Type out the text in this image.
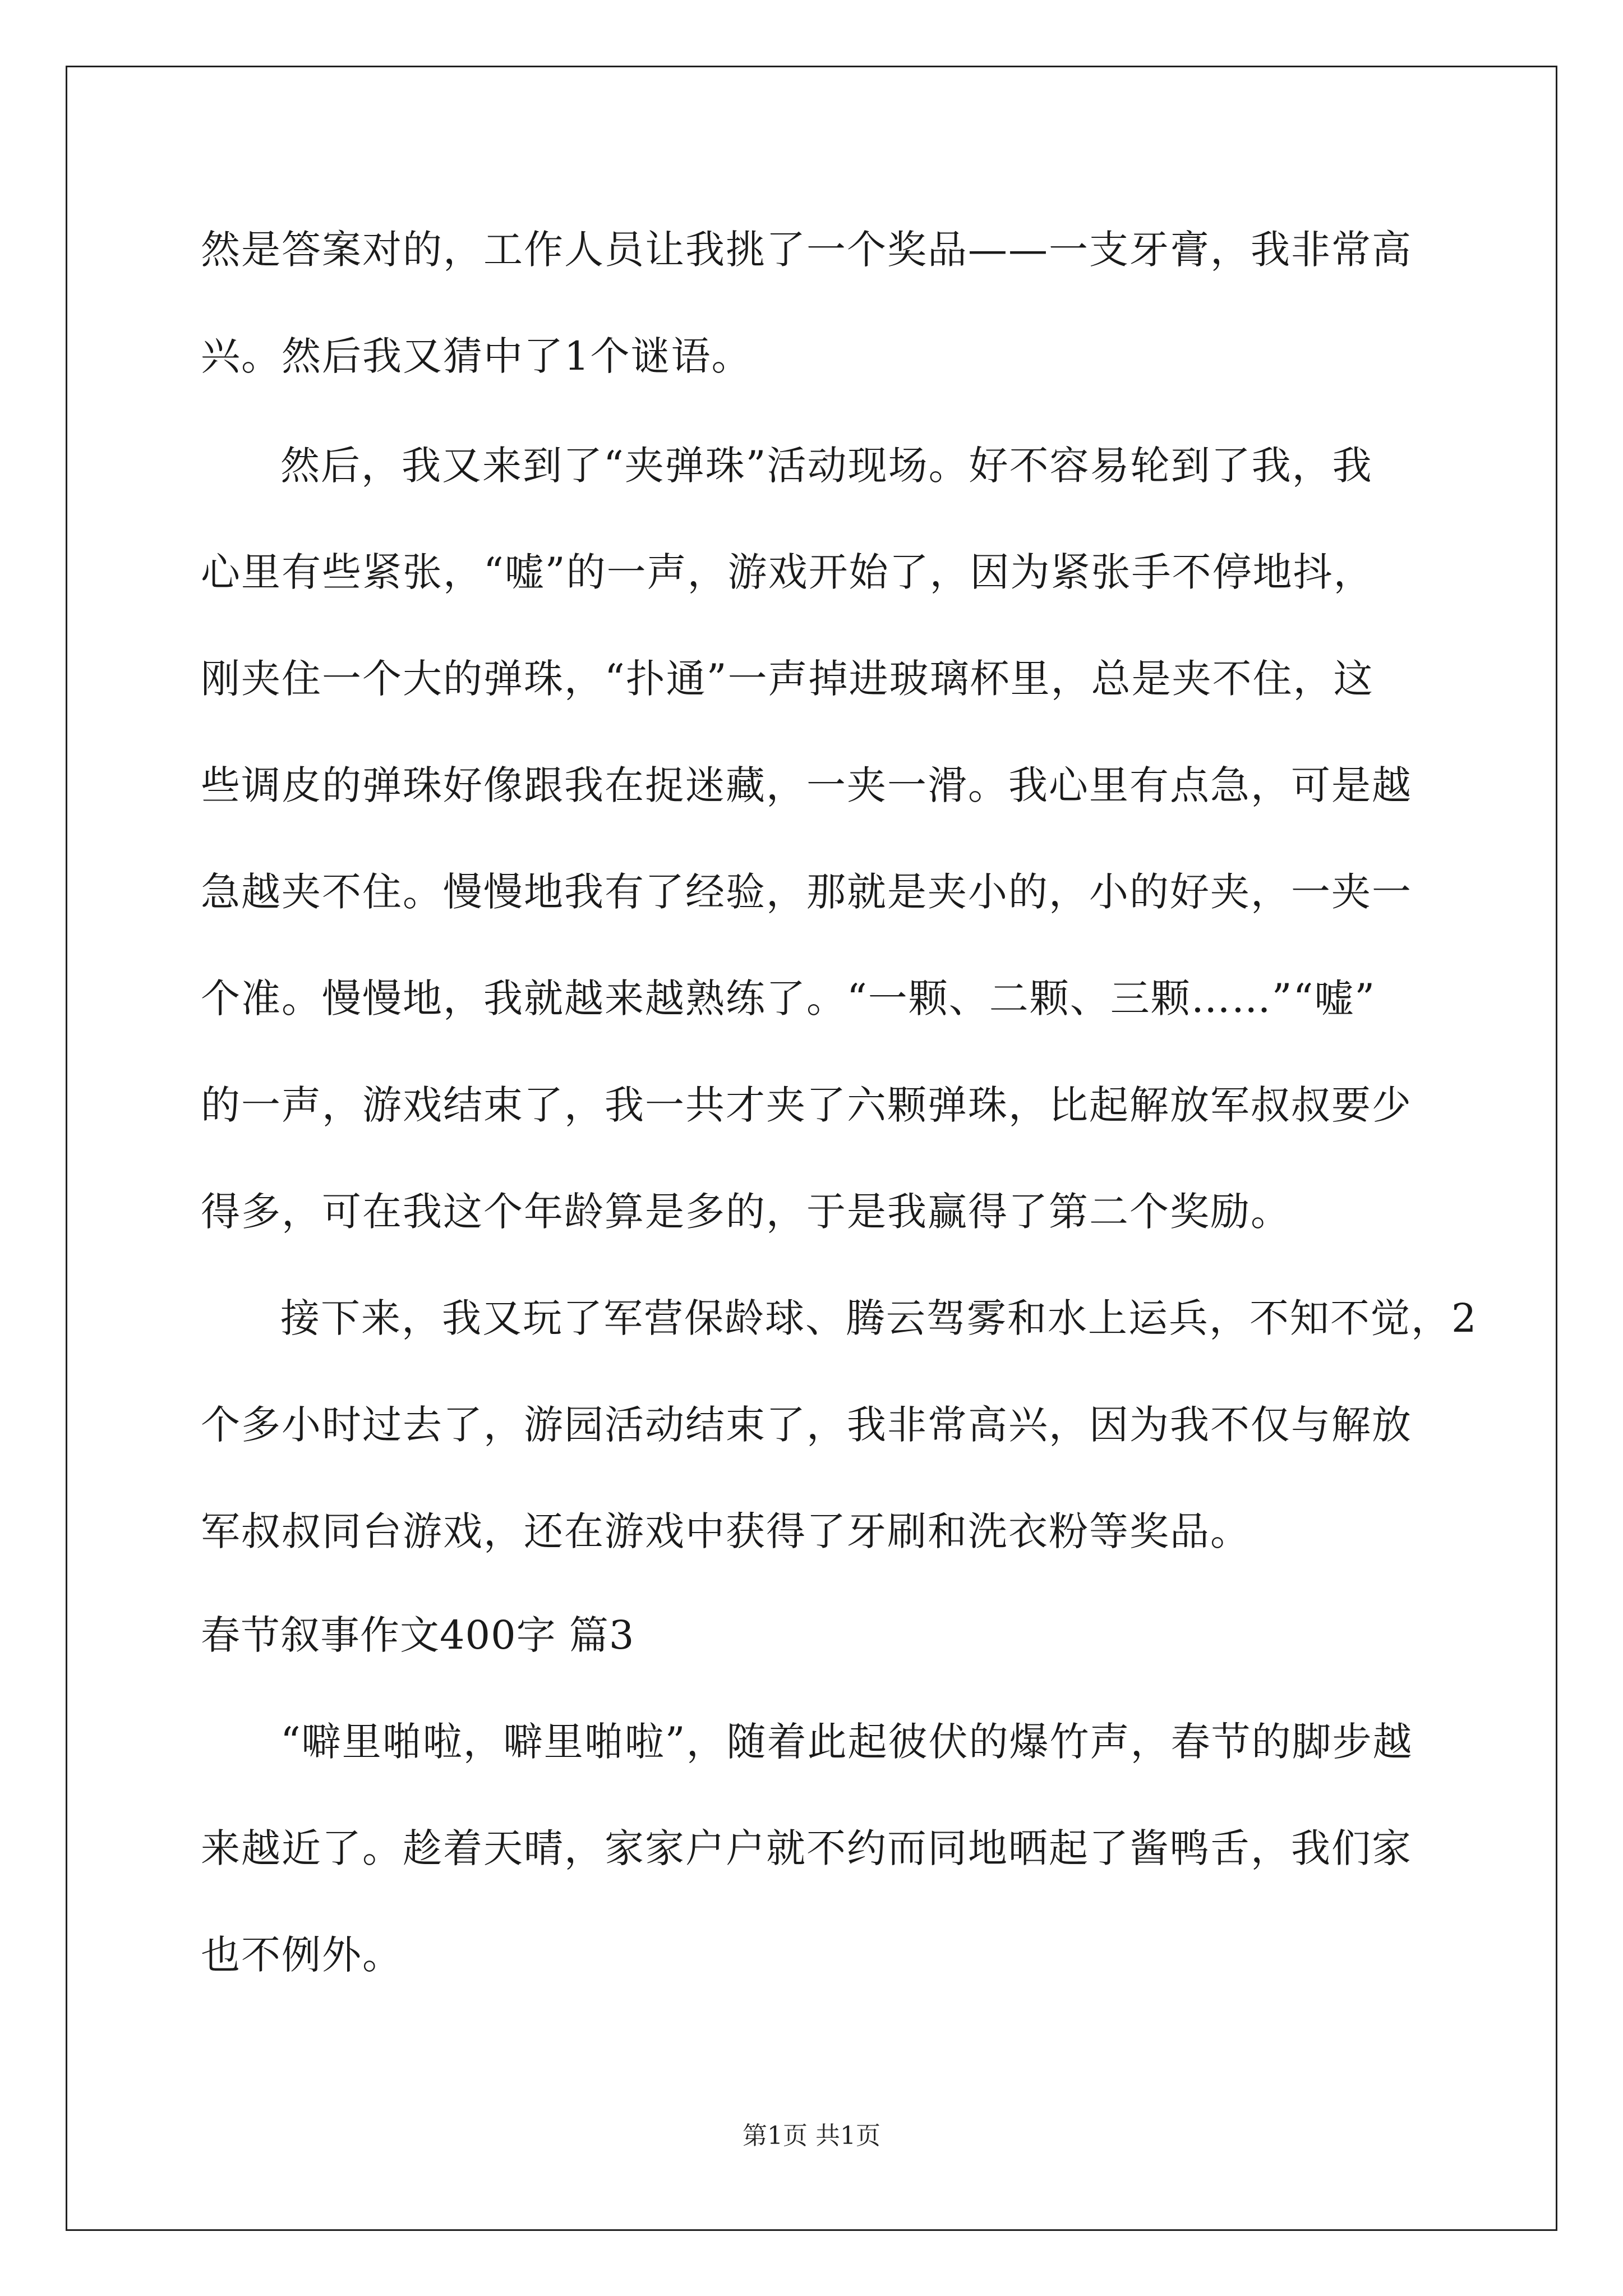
然是答案对的，工作人员让我挑了一个奖品——一支牙膏，我非常高
兴。然后我又猜中了1个谜语。
然后，我又来到了“夹弹珠”活动现场。好不容易轮到了我，我
心里有些紧张，“嘘”的一声，游戏开始了，因为紧张手不停地抖，
刚夹住一个大的弹珠，“扑通”一声掉进玻璃杯里，总是夹不住，这
些调皮的弹珠好像跟我在捉迷藏，一夹一滑。我心里有点急，可是越
急越夹不住。慢慢地我有了经验，那就是夹小的，小的好夹，一夹一
个准。慢慢地，我就越来越熟练了。“一颗、二颗、三颗……”“嘘”
的一声，游戏结束了，我一共才夹了六颗弹珠，比起解放军叔叔要少
得多，可在我这个年龄算是多的，于是我赢得了第二个奖励。
接下来，我又玩了军营保龄球、腾云驾雾和水上运兵，不知不觉，2
个多小时过去了，游园活动结束了，我非常高兴，因为我不仅与解放
军叔叔同台游戏，还在游戏中获得了牙刷和洗衣粉等奖品。
春节叙事作文400字 篇3
“噼里啪啦，噼里啪啦”，随着此起彼伏的爆竹声，春节的脚步越
来越近了。趁着天晴，家家户户就不约而同地晒起了酱鸭舌，我们家
也不例外。
第1页 共1页
